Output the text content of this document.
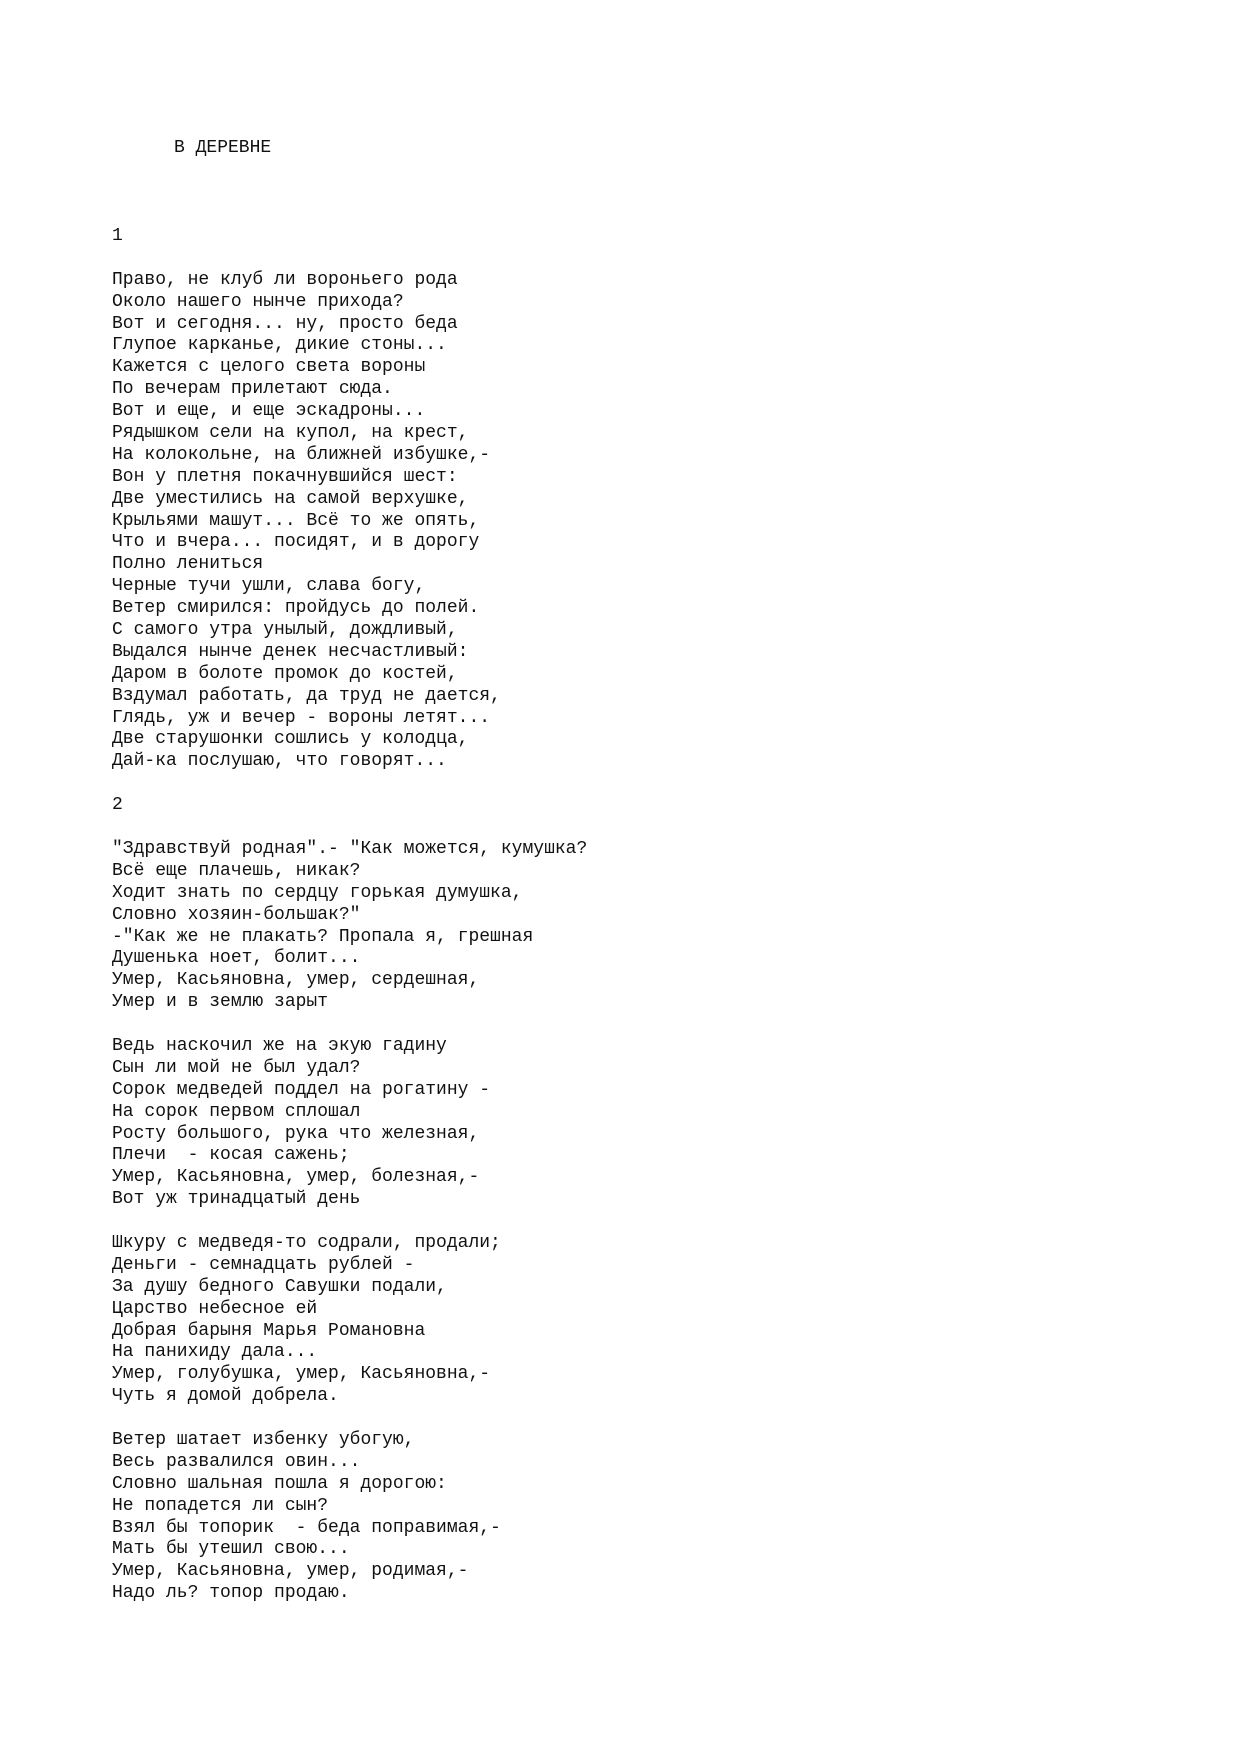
В ДЕРЕВНЕ
1
Право, не клуб ли вороньего рода
Около нашего нынче прихода?
Вот и сегодня... ну, просто беда
Глупое карканье, дикие стоны...
Кажется с целого света вороны
По вечерам прилетают сюда.
Вот и еще, и еще эскадроны...
Рядышком сели на купол, на крест,
На колокольне, на ближней избушке,-
Вон у плетня покачнувшийся шест:
Две уместились на самой верхушке,
Крыльями машут... Всё то же опять,
Что и вчера... посидят, и в дорогу
Полно лениться
Черные тучи ушли, слава богу,
Ветер смирился: пройдусь до полей.
С самого утра унылый, дождливый,
Выдался нынче денек несчастливый:
Даром в болоте промок до костей,
Вздумал работать, да труд не дается,
Глядь, уж и вечер - вороны летят...
Две старушонки сошлись у колодца,
Дай-ка послушаю, что говорят...
2
"Здравствуй родная".- "Как можется, кумушка?
Всё еще плачешь, никак?
Ходит знать по сердцу горькая думушка,
Словно хозяин-большак?"
-"Как же не плакать? Пропала я, грешная
Душенька ноет, болит...
Умер, Касьяновна, умер, сердешная,
Умер и в землю зарыт
Ведь наскочил же на экую гадину
Сын ли мой не был удал?
Сорок медведей поддел на рогатину -
На сорок первом сплошал
Росту большого, рука что железная,
Плечи  - косая сажень;
Умер, Касьяновна, умер, болезная,-
Вот уж тринадцатый день
Шкуру с медведя-то содрали, продали;
Деньги - семнадцать рублей -
За душу бедного Савушки подали,
Царство небесное ей
Добрая барыня Марья Романовна
На панихиду дала...
Умер, голубушка, умер, Касьяновна,-
Чуть я домой добрела.
Ветер шатает избенку убогую,
Весь развалился овин...
Словно шальная пошла я дорогою:
Не попадется ли сын?
Взял бы топорик  - беда поправимая,-
Мать бы утешил свою...
Умер, Касьяновна, умер, родимая,-
Надо ль? топор продаю.
